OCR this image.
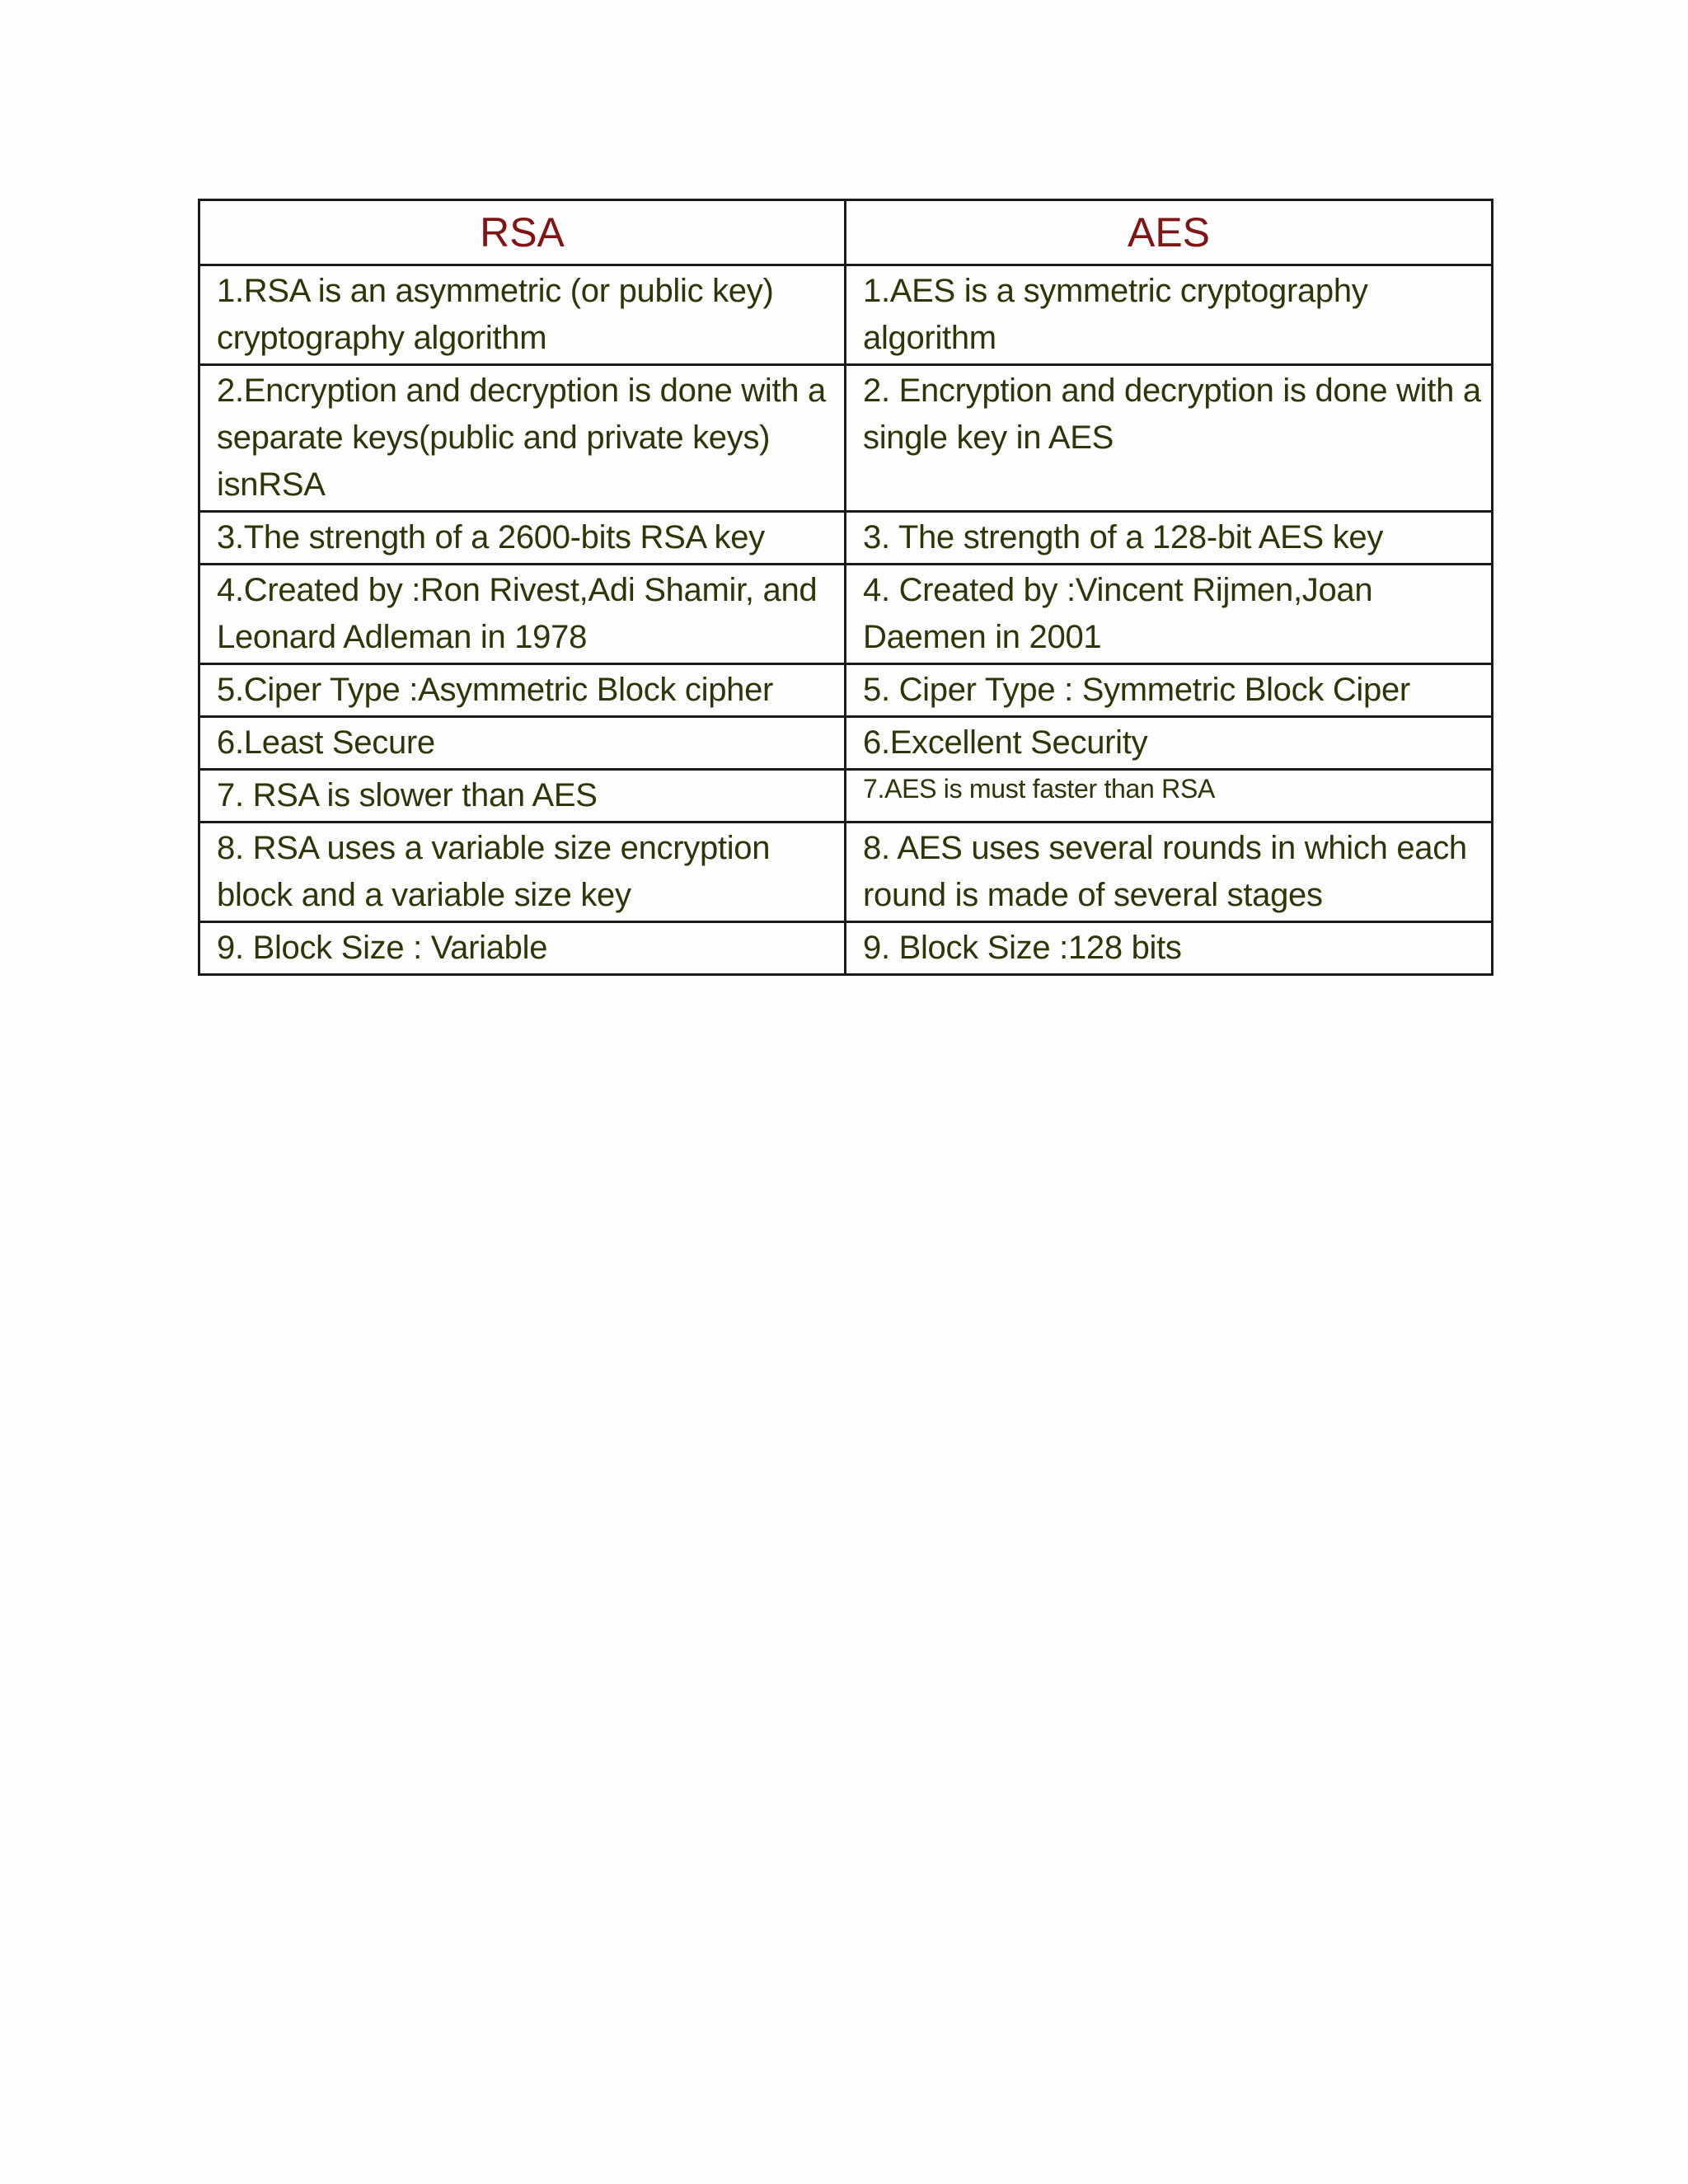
RSA	AES
1.RSA is an asymmetric (or public key) cryptography algorithm	1.AES is a symmetric cryptography algorithm
2.Encryption and decryption is done with a separate keys(public and private keys) isnRSA	2. Encryption and decryption is done with a single key in AES
3.The strength of a 2600-bits RSA key	3. The strength of a 128-bit AES key
4.Created by :Ron Rivest,Adi Shamir, and Leonard Adleman in 1978	4. Created by :Vincent Rijmen,Joan Daemen in 2001
5.Ciper Type :Asymmetric Block cipher	5. Ciper Type : Symmetric Block Ciper
6.Least Secure	6.Excellent Security
7. RSA is slower than AES	7.AES is must faster than RSA
8. RSA uses a variable size encryption block and a variable size key	8. AES uses several rounds in which each round is made of several stages
9. Block Size : Variable	9. Block Size :128 bits
